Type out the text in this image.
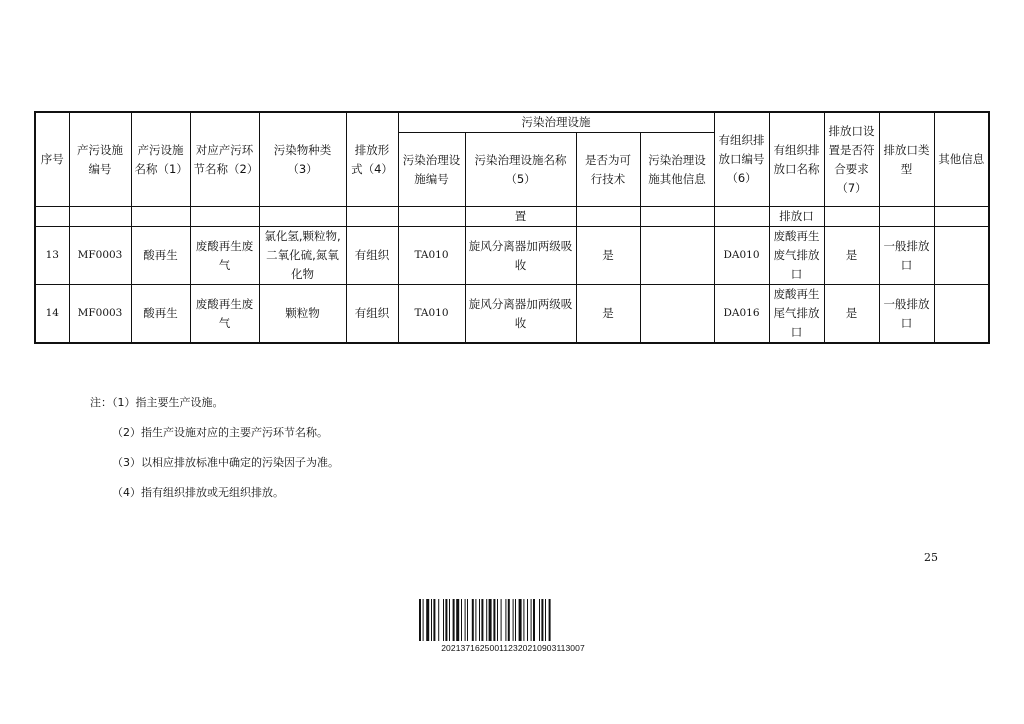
序号	产污设施编号	产污设施名称（1）	对应产污环节名称（2）	污染物种类（3）	排放形式（4）	污染治理设施				有组织排放口编号（6）	有组织排放口名称	排放口设置是否符合要求（7）	排放口类型	其他信息
						污染治理设施编号	污染治理设施名称（5）	是否为可行技术	污染治理设施其他信息					
							置				排放口			
13	MF0003	酸再生	废酸再生废气	氯化氢,颗粒物,二氧化硫,氮氧化物	有组织	TA010	旋风分离器加两级吸收	是		DA010	废酸再生废气排放口	是	一般排放口	
14	MF0003	酸再生	废酸再生废气	颗粒物	有组织	TA010	旋风分离器加两级吸收	是		DA016	废酸再生尾气排放口	是	一般排放口	
注：（1）指主要生产设施。
（2）指生产设施对应的主要产污环节名称。
（3）以相应排放标准中确定的污染因子为准。
（4）指有组织排放或无组织排放。
25
20213716250011232021090311300​7
